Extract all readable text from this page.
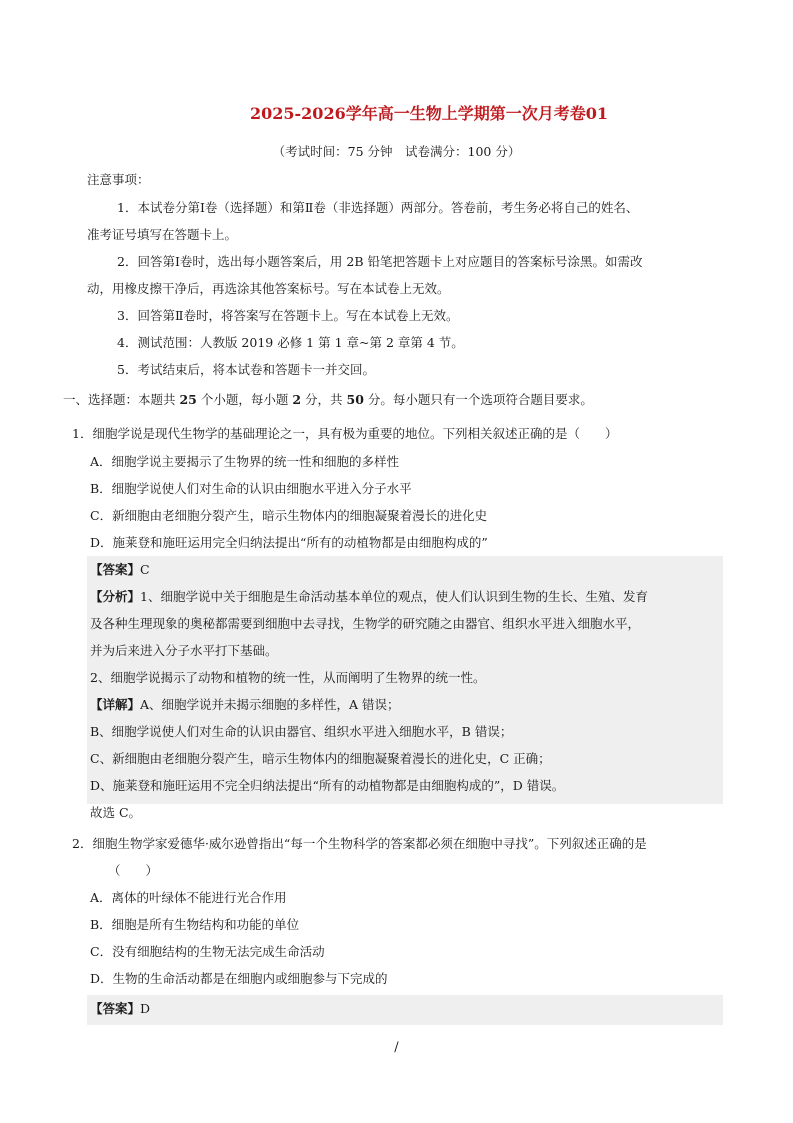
2025-2026学年高一生物上学期第一次月考卷01
（考试时间：75 分钟　试卷满分：100 分）
注意事项：
1．本试卷分第Ⅰ卷（选择题）和第Ⅱ卷（非选择题）两部分。答卷前，考生务必将自己的姓名、
准考证号填写在答题卡上。
2．回答第Ⅰ卷时，选出每小题答案后，用 2B 铅笔把答题卡上对应题目的答案标号涂黑。如需改
动，用橡皮擦干净后，再选涂其他答案标号。写在本试卷上无效。
3．回答第Ⅱ卷时，将答案写在答题卡上。写在本试卷上无效。
4．测试范围：人教版 2019 必修 1 第 1 章~第 2 章第 4 节。
5．考试结束后，将本试卷和答题卡一并交回。
一、选择题：本题共 25 个小题，每小题 2 分，共 50 分。每小题只有一个选项符合题目要求。
1．细胞学说是现代生物学的基础理论之一，具有极为重要的地位。下列相关叙述正确的是（　　）
A．细胞学说主要揭示了生物界的统一性和细胞的多样性
B．细胞学说使人们对生命的认识由细胞水平进入分子水平
C．新细胞由老细胞分裂产生，暗示生物体内的细胞凝聚着漫长的进化史
D．施莱登和施旺运用完全归纳法提出“所有的动植物都是由细胞构成的”
【答案】C
【分析】1、细胞学说中关于细胞是生命活动基本单位的观点，使人们认识到生物的生长、生殖、发育
及各种生理现象的奥秘都需要到细胞中去寻找，生物学的研究随之由器官、组织水平进入细胞水平，
并为后来进入分子水平打下基础。
2、细胞学说揭示了动物和植物的统一性，从而阐明了生物界的统一性。
【详解】A、细胞学说并未揭示细胞的多样性，A 错误；
B、细胞学说使人们对生命的认识由器官、组织水平进入细胞水平，B 错误；
C、新细胞由老细胞分裂产生，暗示生物体内的细胞凝聚着漫长的进化史，C 正确；
D、施莱登和施旺运用不完全归纳法提出“所有的动植物都是由细胞构成的”，D 错误。
故选 C。
2．细胞生物学家爱德华·威尔逊曾指出“每一个生物科学的答案都必须在细胞中寻找”。下列叙述正确的是
（　　）
A．离体的叶绿体不能进行光合作用
B．细胞是所有生物结构和功能的单位
C．没有细胞结构的生物无法完成生命活动
D．生物的生命活动都是在细胞内或细胞参与下完成的
【答案】D
/
